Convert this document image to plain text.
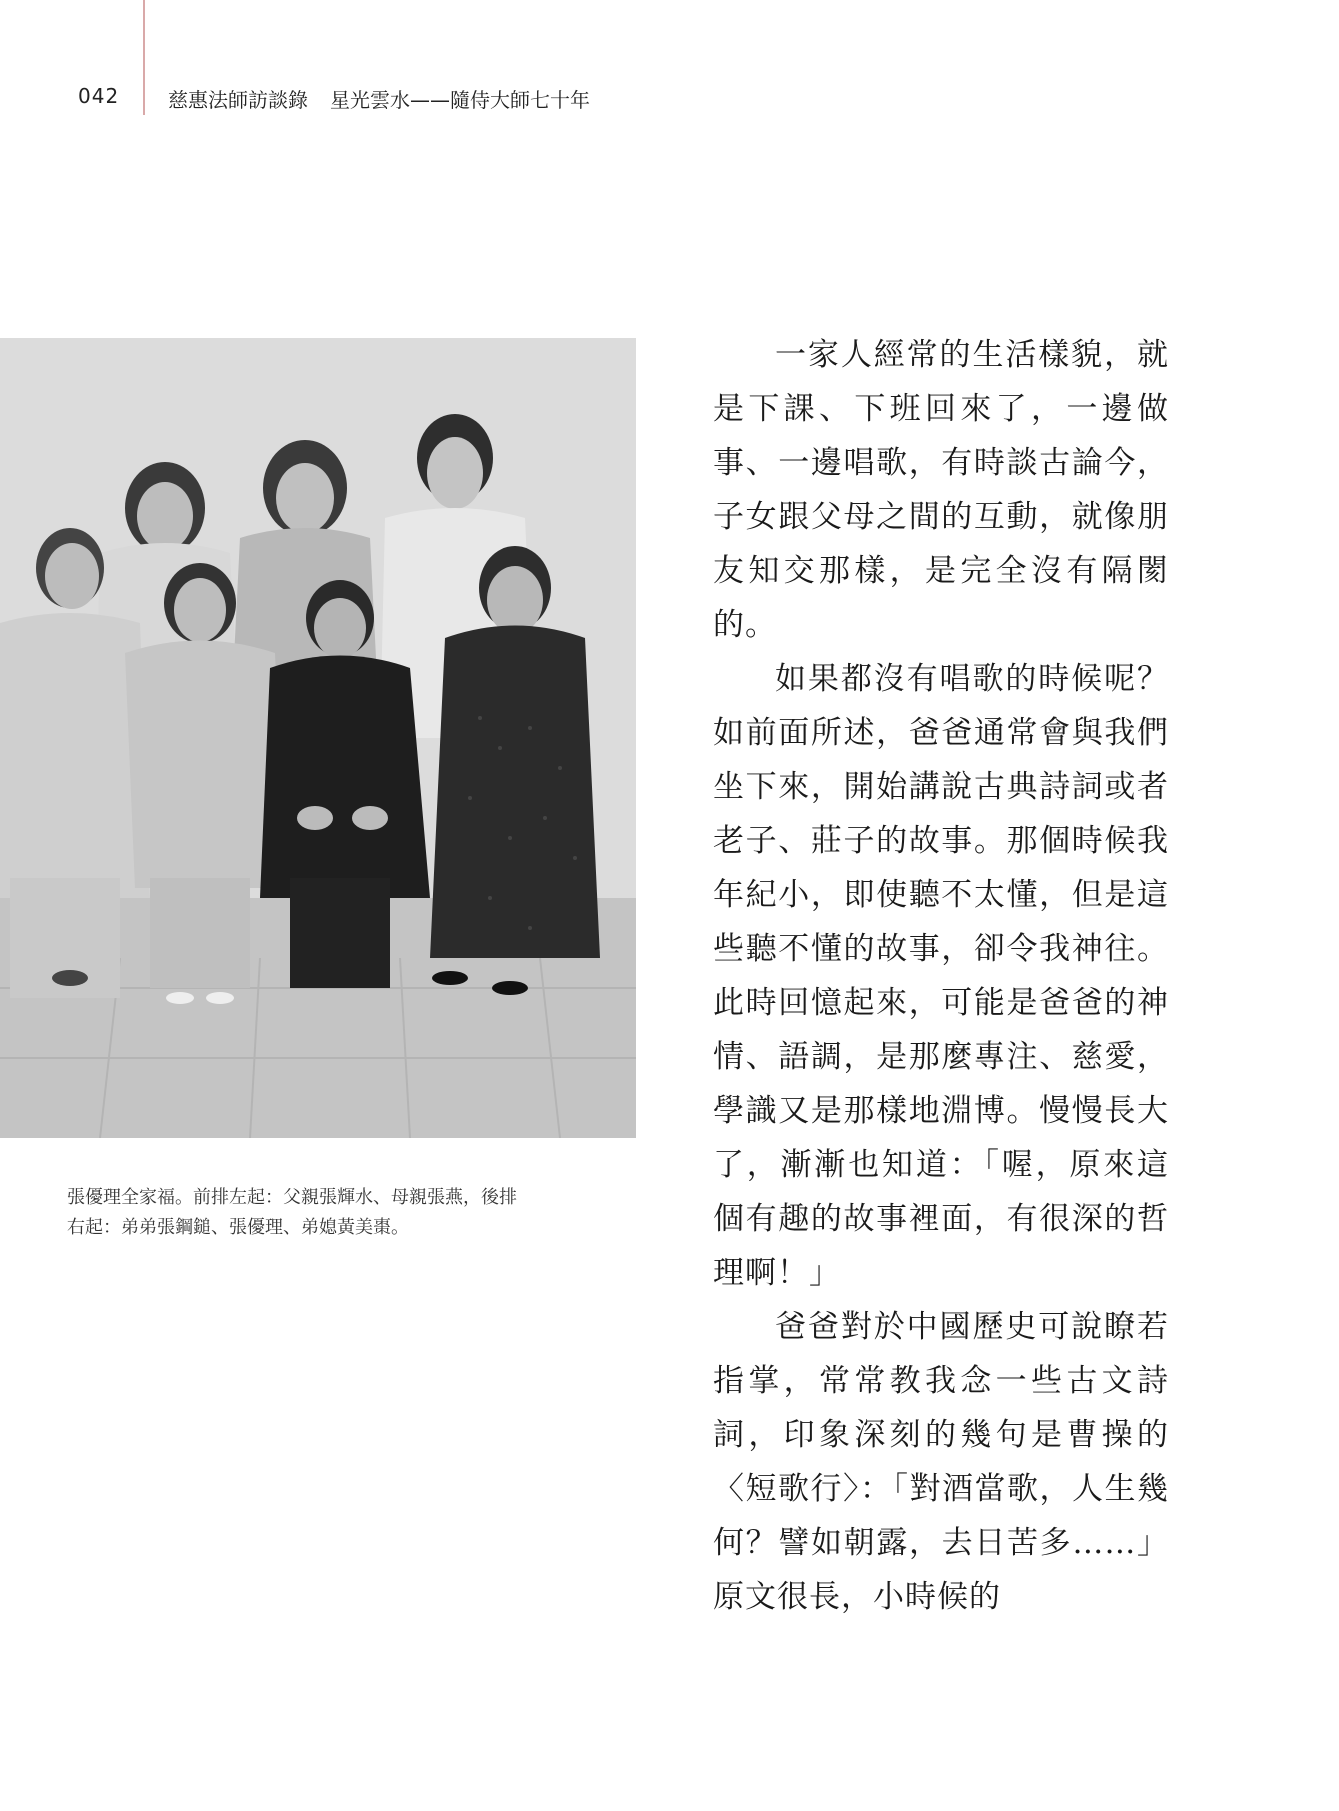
042 慈惠法師訪談錄 星光雲水——隨侍大師七十年

張優理全家福。前排左起：父親張輝水、母親張燕，後排

右起：弟弟張鋼鎚、張優理、弟媳黃美棗。

一家人經常的生活樣貌，就是下課、下班回來了，一邊做事、一邊唱歌，有時談古論今，子女跟父母之間的互動，就像朋友知交那樣，是完全沒有隔閡的。

如果都沒有唱歌的時候呢？如前面所述，爸爸通常會與我們坐下來，開始講說古典詩詞或者老子、莊子的故事。那個時候我年紀小，即使聽不太懂，但是這些聽不懂的故事，卻令我神往。此時回憶起來，可能是爸爸的神情、語調，是那麼專注、慈愛，學識又是那樣地淵博。慢慢長大了，漸漸也知道：「喔，原來這個有趣的故事裡面，有很深的哲理啊！」

爸爸對於中國歷史可說瞭若指掌，常常教我念一些古文詩詞，印象深刻的幾句是曹操的〈短歌行〉：「對酒當歌，人生幾何？譬如朝露，去日苦多……」原文很長，小時候的
